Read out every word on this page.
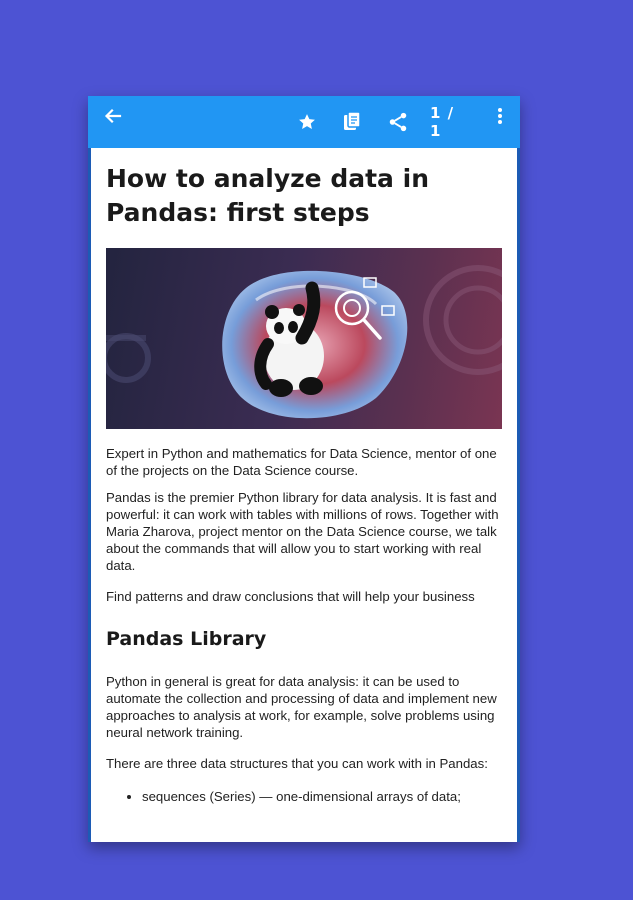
1 / 1
How to analyze data in Pandas: first steps

Expert in Python and mathematics for Data Science, mentor of one of the projects on the Data Science course.

Pandas is the premier Python library for data analysis. It is fast and powerful: it can work with tables with millions of rows. Together with Maria Zharova, project mentor on the Data Science course, we talk about the commands that will allow you to start working with real data.

Find patterns and draw conclusions that will help your business

Pandas Library

Python in general is great for data analysis: it can be used to automate the collection and processing of data and implement new approaches to analysis at work, for example, solve problems using neural network training.

There are three data structures that you can work with in Pandas:

• sequences (Series) — one-dimensional arrays of data;
